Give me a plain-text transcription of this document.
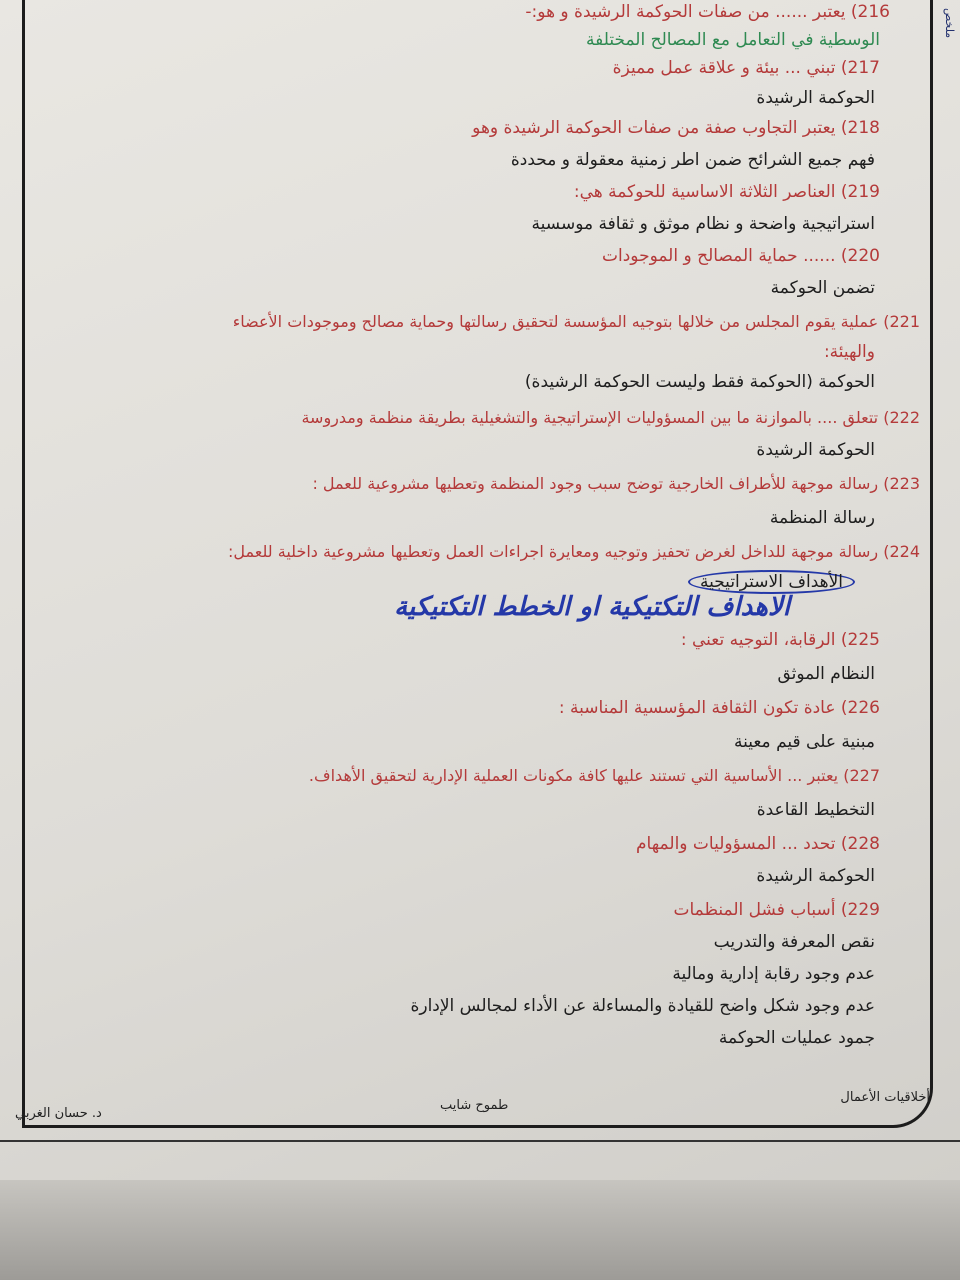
ملخص
216) يعتبر ...... من صفات الحوكمة الرشيدة و هو:-
الوسطية في التعامل مع المصالح المختلفة
217) تبني ... بيئة و علاقة عمل مميزة
الحوكمة الرشيدة
218) يعتبر التجاوب صفة من صفات الحوكمة الرشيدة وهو
فهم جميع الشرائح ضمن اطر زمنية معقولة و محددة
219) العناصر الثلاثة الاساسية للحوكمة هي:
استراتيجية واضحة و نظام موثق و ثقافة موسسية
220) ...... حماية المصالح و الموجودات
تضمن الحوكمة
221) عملية يقوم المجلس من خلالها بتوجيه المؤسسة لتحقيق رسالتها وحماية مصالح وموجودات الأعضاء
والهيئة:
الحوكمة (الحوكمة فقط وليست الحوكمة الرشيدة)
222) تتعلق .... بالموازنة ما بين المسؤوليات الإستراتيجية والتشغيلية بطريقة منظمة ومدروسة
الحوكمة الرشيدة
223) رسالة موجهة للأطراف الخارجية توضح سبب وجود المنظمة وتعطيها مشروعية للعمل :
رسالة المنظمة
224) رسالة موجهة للداخل لغرض تحفيز وتوجيه ومعايرة اجراءات العمل وتعطيها مشروعية داخلية للعمل:
الأهداف الاستراتيجية
الاهداف التكتيكية او الخطط التكتيكية
225) الرقابة، التوجيه تعني :
النظام الموثق
226) عادة تكون الثقافة المؤسسية المناسبة :
مبنية على قيم معينة
227) يعتبر ... الأساسية التي تستند عليها كافة مكونات العملية الإدارية لتحقيق الأهداف.
التخطيط القاعدة
228) تحدد ... المسؤوليات والمهام
الحوكمة الرشيدة
229) أسباب فشل المنظمات
نقص المعرفة والتدريب
عدم وجود رقابة إدارية ومالية
عدم وجود شكل واضح للقيادة والمساءلة عن الأداء لمجالس الإدارة
جمود عمليات الحوكمة
أخلاقيات الأعمال
طموح شايب
د. حسان الغربي
